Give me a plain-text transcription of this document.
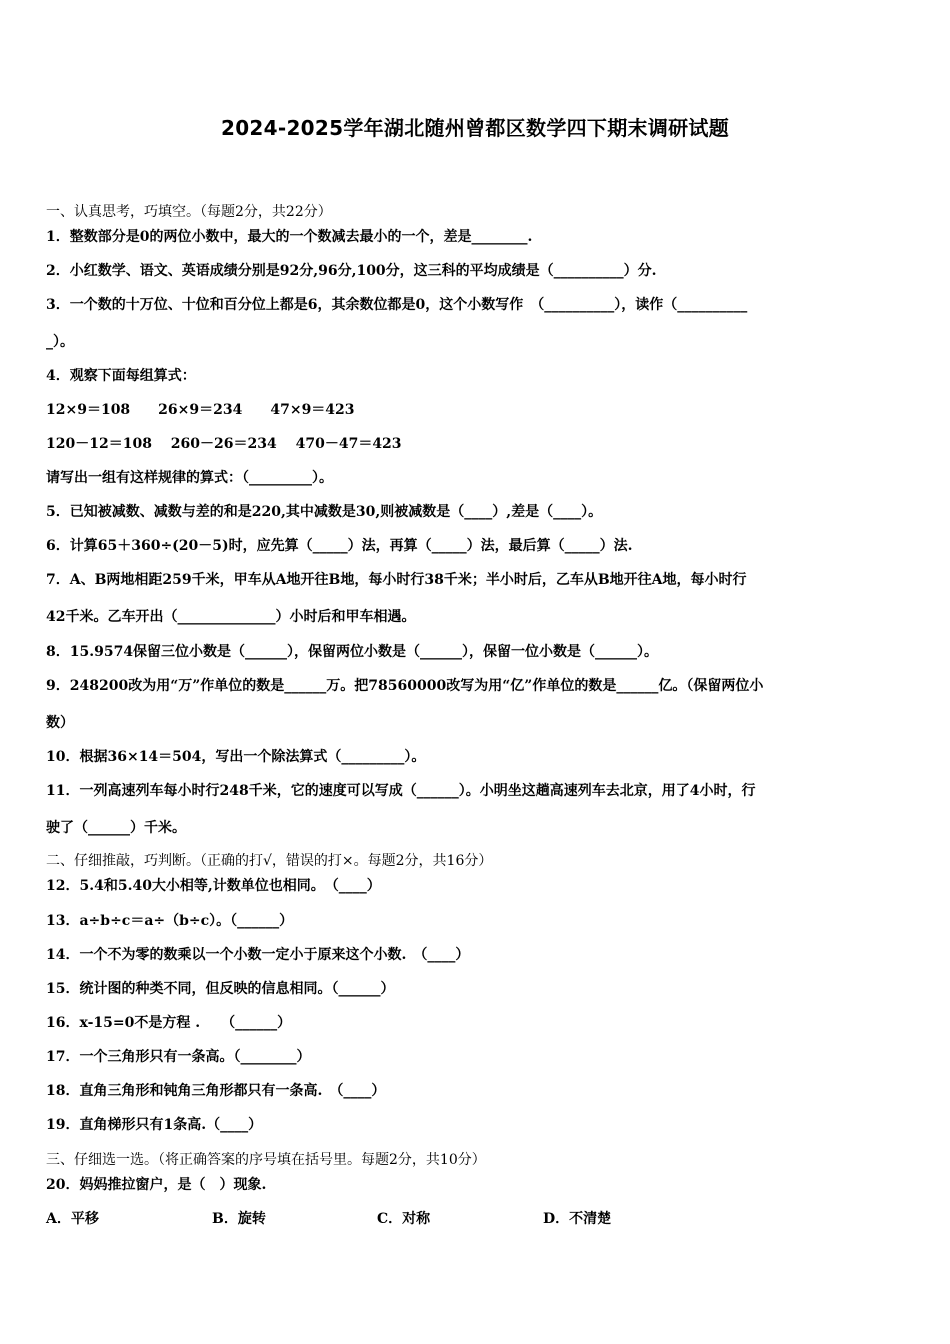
2024-2025学年湖北随州曾都区数学四下期末调研试题
一、认真思考，巧填空。（每题2分，共22分）
1．整数部分是0的两位小数中，最大的一个数减去最小的一个，差是________.
2．小红数学、语文、英语成绩分别是92分,96分,100分，这三科的平均成绩是（__________）分.
3．一个数的十万位、十位和百分位上都是6，其余数位都是0，这个小数写作　（__________），读作（__________
_）。
4．观察下面每组算式：
12×9＝108　　26×9＝234　　47×9＝423
120－12＝108　 260－26＝234　 470－47＝423
请写出一组有这样规律的算式：（_________）。
5．已知被减数、减数与差的和是220,其中减数是30,则被减数是（____）,差是（____）。
6．计算65＋360÷(20－5)时，应先算（_____）法，再算（_____）法，最后算（_____）法.
7．A、B两地相距259千米，甲车从A地开往B地，每小时行38千米；半小时后，乙车从B地开往A地，每小时行
42千米。乙车开出（______________）小时后和甲车相遇。
8．15.9574保留三位小数是（______），保留两位小数是（______），保留一位小数是（______）。
9．248200改为用“万”作单位的数是______万。把78560000改写为用“亿”作单位的数是______亿。（保留两位小
数）
10．根据36×14＝504，写出一个除法算式（_________）。
11．一列高速列车每小时行248千米，它的速度可以写成（______）。小明坐这趟高速列车去北京，用了4小时，行
驶了（______）千米。
二、仔细推敲，巧判断。（正确的打√，错误的打×。每题2分，共16分）
12．5.4和5.40大小相等,计数单位也相同。　（____）
13．a÷b÷c＝a÷（b÷c）。（______）
14．一个不为零的数乘以一个小数一定小于原来这个小数.　（____）
15．统计图的种类不同，但反映的信息相同。（______）
16．x-15=0不是方程 .　　（______）
17．一个三角形只有一条高。（________）
18．直角三角形和钝角三角形都只有一条高.　（____）
19．直角梯形只有1条高.（____）
三、仔细选一选。（将正确答案的序号填在括号里。每题2分，共10分）
20．妈妈推拉窗户，是（　）现象.
A．平移	B．旋转	C．对称	D．不清楚
